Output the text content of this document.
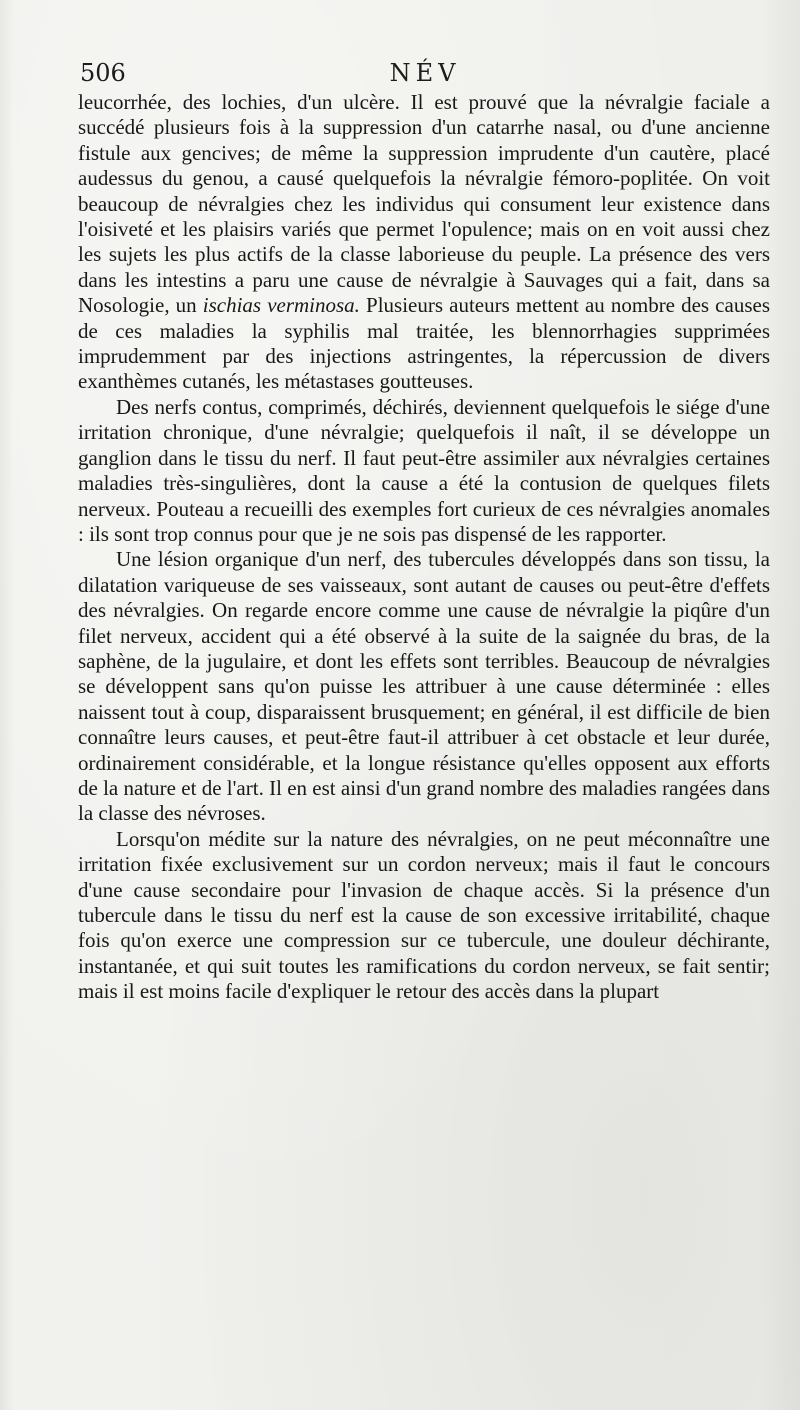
506	NÉV

leucorrhée, des lochies, d'un ulcère. Il est prouvé que la névralgie faciale a succédé plusieurs fois à la suppression d'un catarrhe nasal, ou d'une ancienne fistule aux gencives; de même la suppression imprudente d'un cautère, placé audessus du genou, a causé quelquefois la névralgie fémoro-poplitée. On voit beaucoup de névralgies chez les individus qui consument leur existence dans l'oisiveté et les plaisirs variés que permet l'opulence; mais on en voit aussi chez les sujets les plus actifs de la classe laborieuse du peuple. La présence des vers dans les intestins a paru une cause de névralgie à Sauvages qui a fait, dans sa Nosologie, un ischias verminosa. Plusieurs auteurs mettent au nombre des causes de ces maladies la syphilis mal traitée, les blennorrhagies supprimées imprudemment par des injections astringentes, la répercussion de divers exanthèmes cutanés, les métastases goutteuses.

Des nerfs contus, comprimés, déchirés, deviennent quelquefois le siége d'une irritation chronique, d'une névralgie; quelquefois il naît, il se développe un ganglion dans le tissu du nerf. Il faut peut-être assimiler aux névralgies certaines maladies très-singulières, dont la cause a été la contusion de quelques filets nerveux. Pouteau a recueilli des exemples fort curieux de ces névralgies anomales : ils sont trop connus pour que je ne sois pas dispensé de les rapporter.

Une lésion organique d'un nerf, des tubercules développés dans son tissu, la dilatation variqueuse de ses vaisseaux, sont autant de causes ou peut-être d'effets des névralgies. On regarde encore comme une cause de névralgie la piqûre d'un filet nerveux, accident qui a été observé à la suite de la saignée du bras, de la saphène, de la jugulaire, et dont les effets sont terribles. Beaucoup de névralgies se développent sans qu'on puisse les attribuer à une cause déterminée : elles naissent tout à coup, disparaissent brusquement; en général, il est difficile de bien connaître leurs causes, et peut-être faut-il attribuer à cet obstacle et leur durée, ordinairement considérable, et la longue résistance qu'elles opposent aux efforts de la nature et de l'art. Il en est ainsi d'un grand nombre des maladies rangées dans la classe des névroses.

Lorsqu'on médite sur la nature des névralgies, on ne peut méconnaître une irritation fixée exclusivement sur un cordon nerveux; mais il faut le concours d'une cause secondaire pour l'invasion de chaque accès. Si la présence d'un tubercule dans le tissu du nerf est la cause de son excessive irritabilité, chaque fois qu'on exerce une compression sur ce tubercule, une douleur déchirante, instantanée, et qui suit toutes les ramifications du cordon nerveux, se fait sentir; mais il est moins facile d'expliquer le retour des accès dans la plupart
